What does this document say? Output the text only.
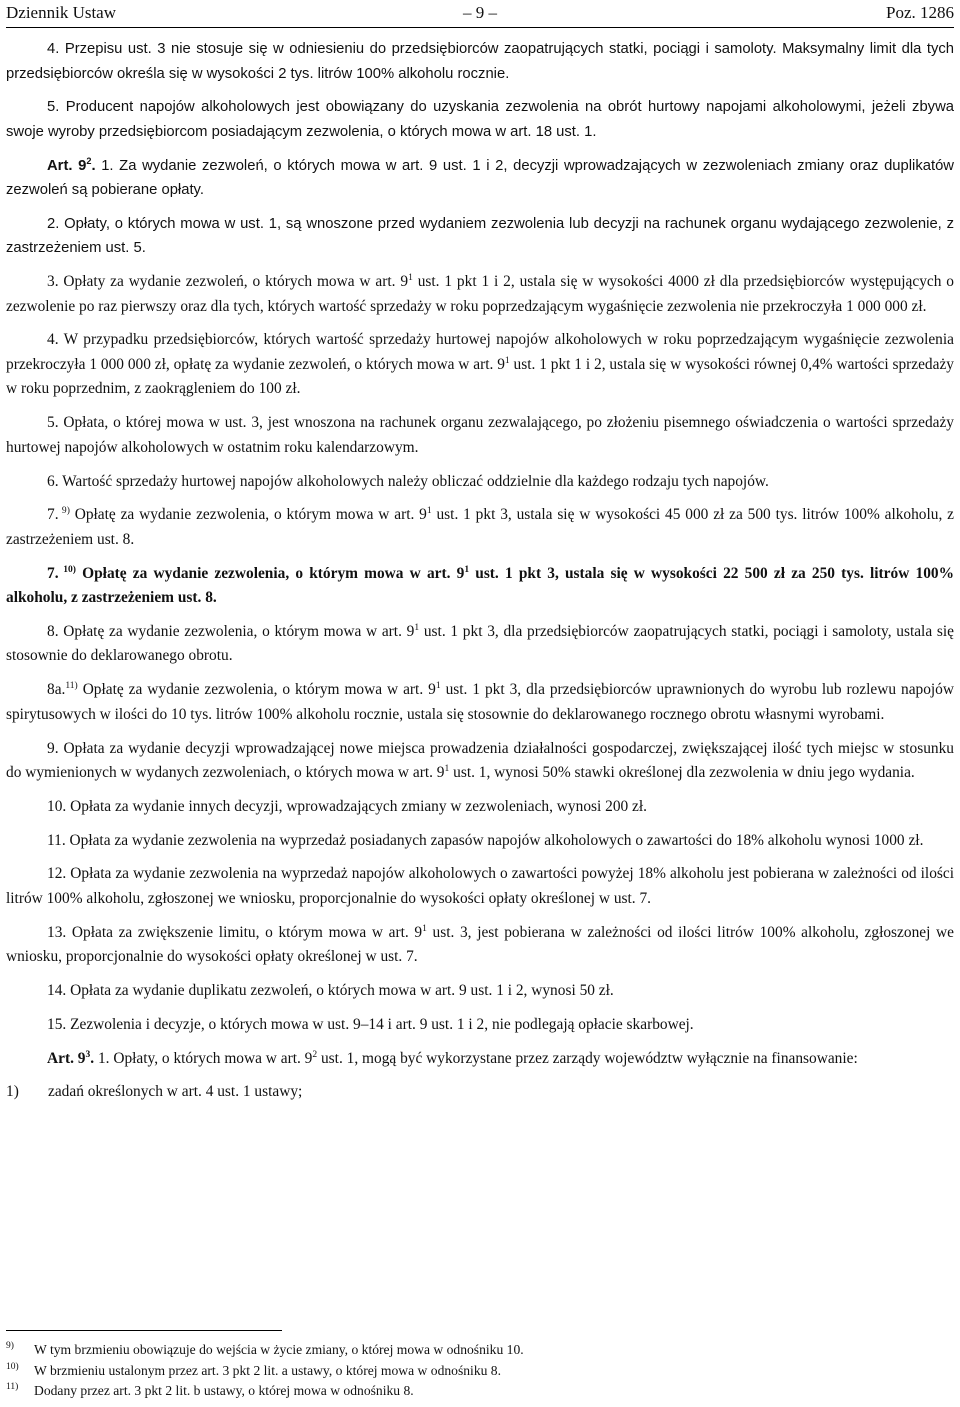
Dziennik Ustaw	– 9 –	Poz. 1286

4. Przepisu ust. 3 nie stosuje się w odniesieniu do przedsiębiorców zaopatrujących statki, pociągi i samoloty. Maksymalny limit dla tych przedsiębiorców określa się w wysokości 2 tys. litrów 100% alkoholu rocznie.

5. Producent napojów alkoholowych jest obowiązany do uzyskania zezwolenia na obrót hurtowy napojami alkoholowymi, jeżeli zbywa swoje wyroby przedsiębiorcom posiadającym zezwolenia, o których mowa w art. 18 ust. 1.

Art. $9^2$. 1. Za wydanie zezwoleń, o których mowa w art. 9 ust. 1 i 2, decyzji wprowadzających w zezwoleniach zmiany oraz duplikatów zezwoleń są pobierane opłaty.

2. Opłaty, o których mowa w ust. 1, są wnoszone przed wydaniem zezwolenia lub decyzji na rachunek organu wydającego zezwolenie, z zastrzeżeniem ust. 5.

3. Opłaty za wydanie zezwoleń, o których mowa w art. $9^1$ ust. 1 pkt 1 i 2, ustala się w wysokości 4000 zł dla przedsiębiorców występujących o zezwolenie po raz pierwszy oraz dla tych, których wartość sprzedaży w roku poprzedzającym wygaśnięcie zezwolenia nie przekroczyła 1 000 000 zł.

4. W przypadku przedsiębiorców, których wartość sprzedaży hurtowej napojów alkoholowych w roku poprzedzającym wygaśnięcie zezwolenia przekroczyła 1 000 000 zł, opłatę za wydanie zezwoleń, o których mowa w art. $9^1$ ust. 1 pkt 1 i 2, ustala się w wysokości równej 0,4% wartości sprzedaży w roku poprzednim, z zaokrągleniem do 100 zł.

5. Opłata, o której mowa w ust. 3, jest wnoszona na rachunek organu zezwalającego, po złożeniu pisemnego oświadczenia o wartości sprzedaży hurtowej napojów alkoholowych w ostatnim roku kalendarzowym.

6. Wartość sprzedaży hurtowej napojów alkoholowych należy obliczać oddzielnie dla każdego rodzaju tych napojów.

7. $^{9)}$ Opłatę za wydanie zezwolenia, o którym mowa w art. $9^1$ ust. 1 pkt 3, ustala się w wysokości 45 000 zł za 500 tys. litrów 100% alkoholu, z zastrzeżeniem ust. 8.

7. $^{10)}$ Opłatę za wydanie zezwolenia, o którym mowa w art. $9^1$ ust. 1 pkt 3, ustala się w wysokości 22 500 zł za 250 tys. litrów 100% alkoholu, z zastrzeżeniem ust. 8.

8. Opłatę za wydanie zezwolenia, o którym mowa w art. $9^1$ ust. 1 pkt 3, dla przedsiębiorców zaopatrujących statki, pociągi i samoloty, ustala się stosownie do deklarowanego obrotu.

8a.$^{11)}$ Opłatę za wydanie zezwolenia, o którym mowa w art. $9^1$ ust. 1 pkt 3, dla przedsiębiorców uprawnionych do wyrobu lub rozlewu napojów spirytusowych w ilości do 10 tys. litrów 100% alkoholu rocznie, ustala się stosownie do deklarowanego rocznego obrotu własnymi wyrobami.

9. Opłata za wydanie decyzji wprowadzającej nowe miejsca prowadzenia działalności gospodarczej, zwiększającej ilość tych miejsc w stosunku do wymienionych w wydanych zezwoleniach, o których mowa w art. $9^1$ ust. 1, wynosi 50% stawki określonej dla zezwolenia w dniu jego wydania.

10. Opłata za wydanie innych decyzji, wprowadzających zmiany w zezwoleniach, wynosi 200 zł.

11. Opłata za wydanie zezwolenia na wyprzedaż posiadanych zapasów napojów alkoholowych o zawartości do 18% alkoholu wynosi 1000 zł.

12. Opłata za wydanie zezwolenia na wyprzedaż napojów alkoholowych o zawartości powyżej 18% alkoholu jest pobierana w zależności od ilości litrów 100% alkoholu, zgłoszonej we wniosku, proporcjonalnie do wysokości opłaty określonej w ust. 7.

13. Opłata za zwiększenie limitu, o którym mowa w art. $9^1$ ust. 3, jest pobierana w zależności od ilości litrów 100% alkoholu, zgłoszonej we wniosku, proporcjonalnie do wysokości opłaty określonej w ust. 7.

14. Opłata za wydanie duplikatu zezwoleń, o których mowa w art. 9 ust. 1 i 2, wynosi 50 zł.

15. Zezwolenia i decyzje, o których mowa w ust. 9–14 i art. 9 ust. 1 i 2, nie podlegają opłacie skarbowej.

Art. $9^3$. 1. Opłaty, o których mowa w art. $9^2$ ust. 1, mogą być wykorzystane przez zarządy województw wyłącznie na finansowanie:

1)	zadań określonych w art. 4 ust. 1 ustawy;
9)	W tym brzmieniu obowiązuje do wejścia w życie zmiany, o której mowa w odnośniku 10.
10)	W brzmieniu ustalonym przez art. 3 pkt 2 lit. a ustawy, o której mowa w odnośniku 8.
11)	Dodany przez art. 3 pkt 2 lit. b ustawy, o której mowa w odnośniku 8.
